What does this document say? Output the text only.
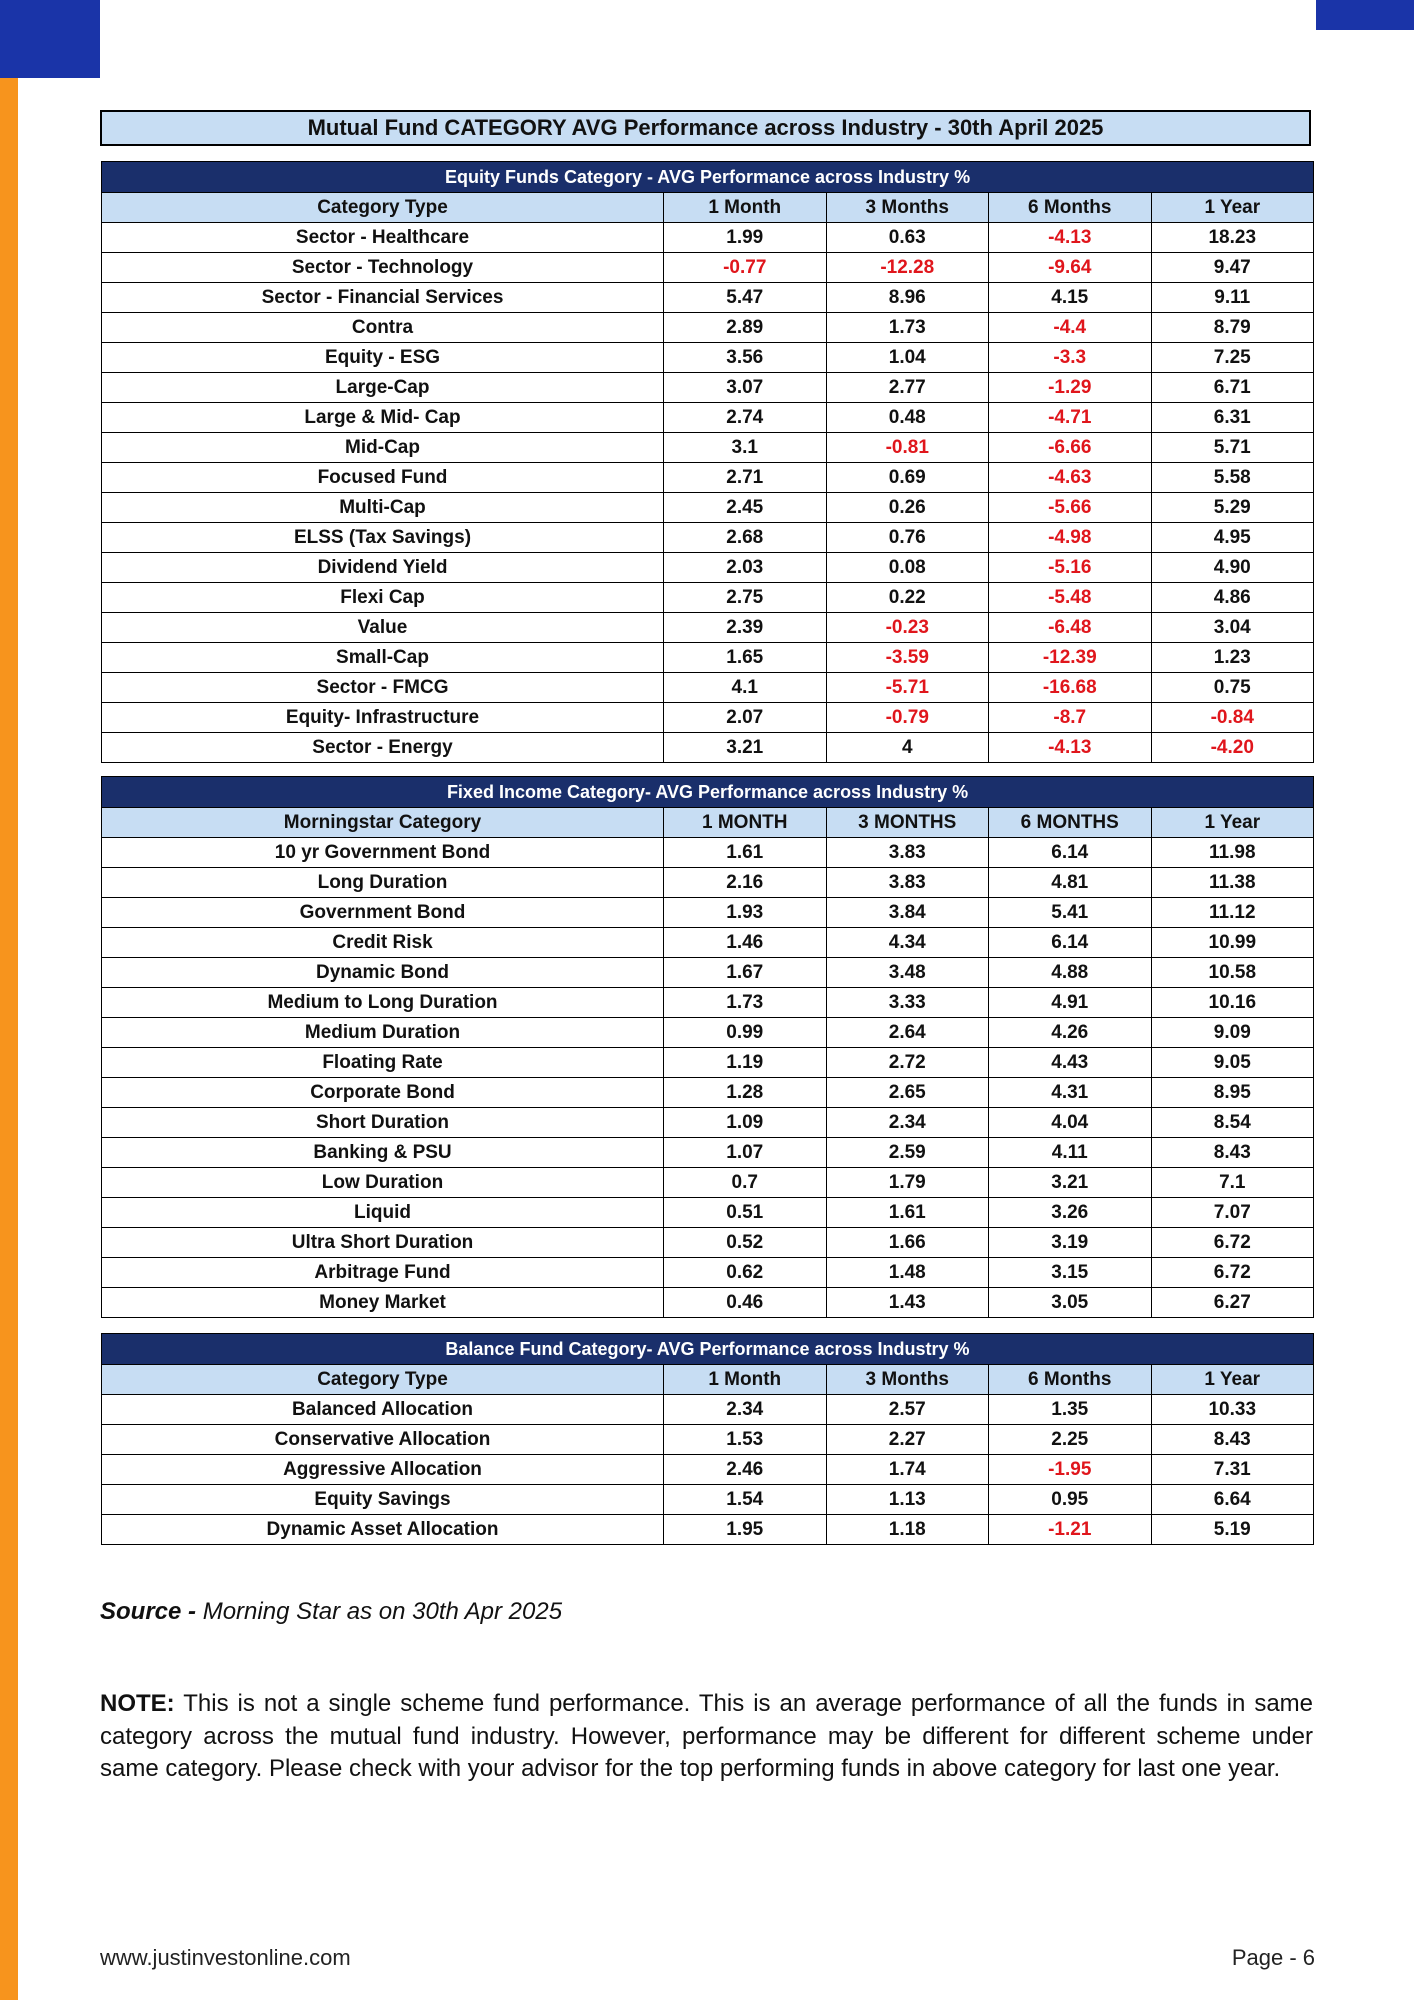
Mutual Fund CATEGORY AVG Performance across Industry - 30th April 2025
Equity Funds Category - AVG Performance across Industry %				
Category Type	1 Month	3 Months	6 Months	1 Year
Sector - Healthcare	1.99	0.63	-4.13	18.23
Sector - Technology	-0.77	-12.28	-9.64	9.47
Sector - Financial Services	5.47	8.96	4.15	9.11
Contra	2.89	1.73	-4.4	8.79
Equity - ESG	3.56	1.04	-3.3	7.25
Large-Cap	3.07	2.77	-1.29	6.71
Large & Mid- Cap	2.74	0.48	-4.71	6.31
Mid-Cap	3.1	-0.81	-6.66	5.71
Focused Fund	2.71	0.69	-4.63	5.58
Multi-Cap	2.45	0.26	-5.66	5.29
ELSS (Tax Savings)	2.68	0.76	-4.98	4.95
Dividend Yield	2.03	0.08	-5.16	4.90
Flexi Cap	2.75	0.22	-5.48	4.86
Value	2.39	-0.23	-6.48	3.04
Small-Cap	1.65	-3.59	-12.39	1.23
Sector - FMCG	4.1	-5.71	-16.68	0.75
Equity- Infrastructure	2.07	-0.79	-8.7	-0.84
Sector - Energy	3.21	4	-4.13	-4.20
Fixed Income Category- AVG Performance across Industry %				
Morningstar Category	1 MONTH	3 MONTHS	6 MONTHS	1 Year
10 yr Government Bond	1.61	3.83	6.14	11.98
Long Duration	2.16	3.83	4.81	11.38
Government Bond	1.93	3.84	5.41	11.12
Credit Risk	1.46	4.34	6.14	10.99
Dynamic Bond	1.67	3.48	4.88	10.58
Medium to Long Duration	1.73	3.33	4.91	10.16
Medium Duration	0.99	2.64	4.26	9.09
Floating Rate	1.19	2.72	4.43	9.05
Corporate Bond	1.28	2.65	4.31	8.95
Short Duration	1.09	2.34	4.04	8.54
Banking & PSU	1.07	2.59	4.11	8.43
Low Duration	0.7	1.79	3.21	7.1
Liquid	0.51	1.61	3.26	7.07
Ultra Short Duration	0.52	1.66	3.19	6.72
Arbitrage Fund	0.62	1.48	3.15	6.72
Money Market	0.46	1.43	3.05	6.27
Balance Fund Category- AVG Performance across Industry %				
Category Type	1 Month	3 Months	6 Months	1 Year
Balanced Allocation	2.34	2.57	1.35	10.33
Conservative Allocation	1.53	2.27	2.25	8.43
Aggressive Allocation	2.46	1.74	-1.95	7.31
Equity Savings	1.54	1.13	0.95	6.64
Dynamic Asset Allocation	1.95	1.18	-1.21	5.19
Source - Morning Star as on 30th Apr 2025
NOTE: This is not a single scheme fund performance. This is an average performance of all the funds in same category across the mutual fund industry. However, performance may be different for different scheme under same category. Please check with your advisor for the top performing funds in above category for last one year.
www.justinvestonline.com	Page - 6
